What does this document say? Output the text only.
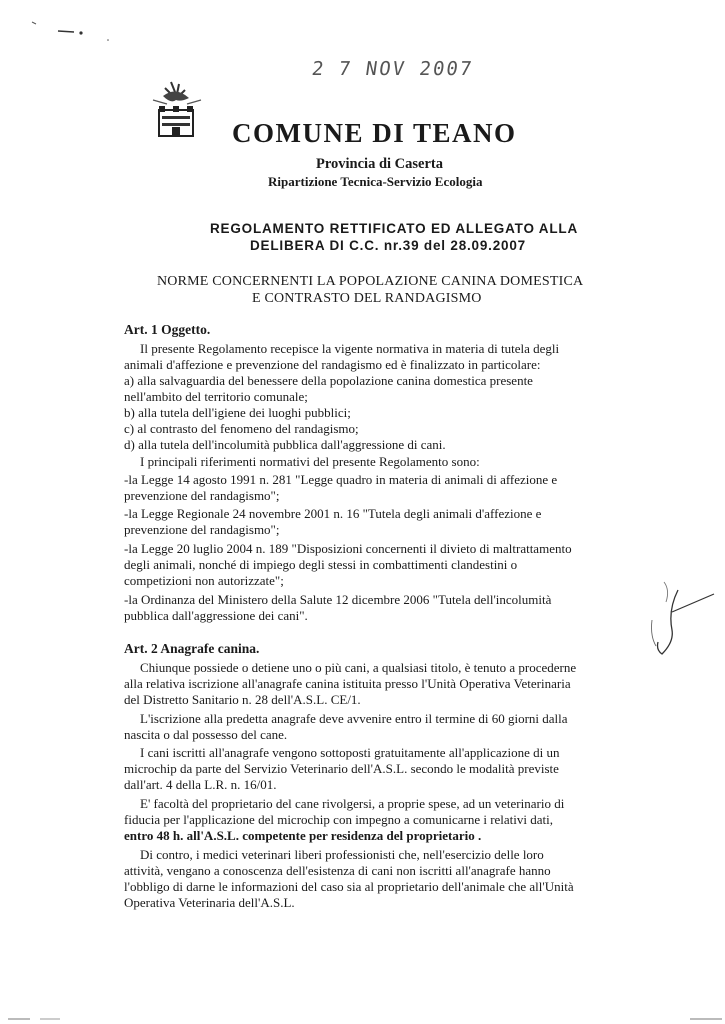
2 7 NOV 2007
COMUNE DI TEANO
Provincia di Caserta
Ripartizione Tecnica-Servizio Ecologia
REGOLAMENTO RETTIFICATO ED ALLEGATO ALLA
DELIBERA DI C.C. nr.39 del 28.09.2007
NORME CONCERNENTI LA POPOLAZIONE CANINA DOMESTICA
E CONTRASTO DEL RANDAGISMO
Art. 1 Oggetto.
Il presente Regolamento recepisce la vigente normativa in materia di tutela degli
animali d'affezione e prevenzione del randagismo ed è finalizzato in particolare:
a) alla salvaguardia del benessere della popolazione canina domestica presente
nell'ambito del territorio comunale;
b) alla tutela dell'igiene dei luoghi pubblici;
c) al contrasto del fenomeno del randagismo;
d) alla tutela dell'incolumità pubblica dall'aggressione di cani.
I principali riferimenti normativi del presente Regolamento sono:
-la Legge 14 agosto 1991 n. 281 "Legge quadro in materia di animali di affezione e
prevenzione del randagismo";
-la Legge Regionale 24 novembre 2001 n. 16 "Tutela degli animali d'affezione e
prevenzione del randagismo";
-la Legge 20 luglio 2004 n. 189 "Disposizioni concernenti il divieto di maltrattamento
degli animali, nonché di impiego degli stessi in combattimenti clandestini o
competizioni non autorizzate";
-la Ordinanza del Ministero della Salute 12 dicembre 2006 "Tutela dell'incolumità
pubblica dall'aggressione dei cani".
Art. 2 Anagrafe canina.
Chiunque possiede o detiene uno o più cani, a qualsiasi titolo, è tenuto a procederne
alla relativa iscrizione all'anagrafe canina istituita presso l'Unità Operativa Veterinaria
del Distretto Sanitario n. 28 dell'A.S.L. CE/1.
L'iscrizione alla predetta anagrafe deve avvenire entro il termine di 60 giorni dalla
nascita o dal possesso del cane.
I cani iscritti all'anagrafe vengono sottoposti gratuitamente all'applicazione di un
microchip da parte del Servizio Veterinario dell'A.S.L. secondo le modalità previste
dall'art. 4 della L.R. n. 16/01.
E' facoltà del proprietario del cane rivolgersi, a proprie spese, ad un veterinario di
fiducia per l'applicazione del microchip con impegno a comunicarne i relativi dati,
entro 48 h. all'A.S.L. competente per residenza del proprietario .
Di contro, i medici veterinari liberi professionisti che, nell'esercizio delle loro
attività, vengano a conoscenza dell'esistenza di cani non iscritti all'anagrafe hanno
l'obbligo di darne le informazioni del caso sia al proprietario dell'animale che all'Unità
Operativa Veterinaria dell'A.S.L.
